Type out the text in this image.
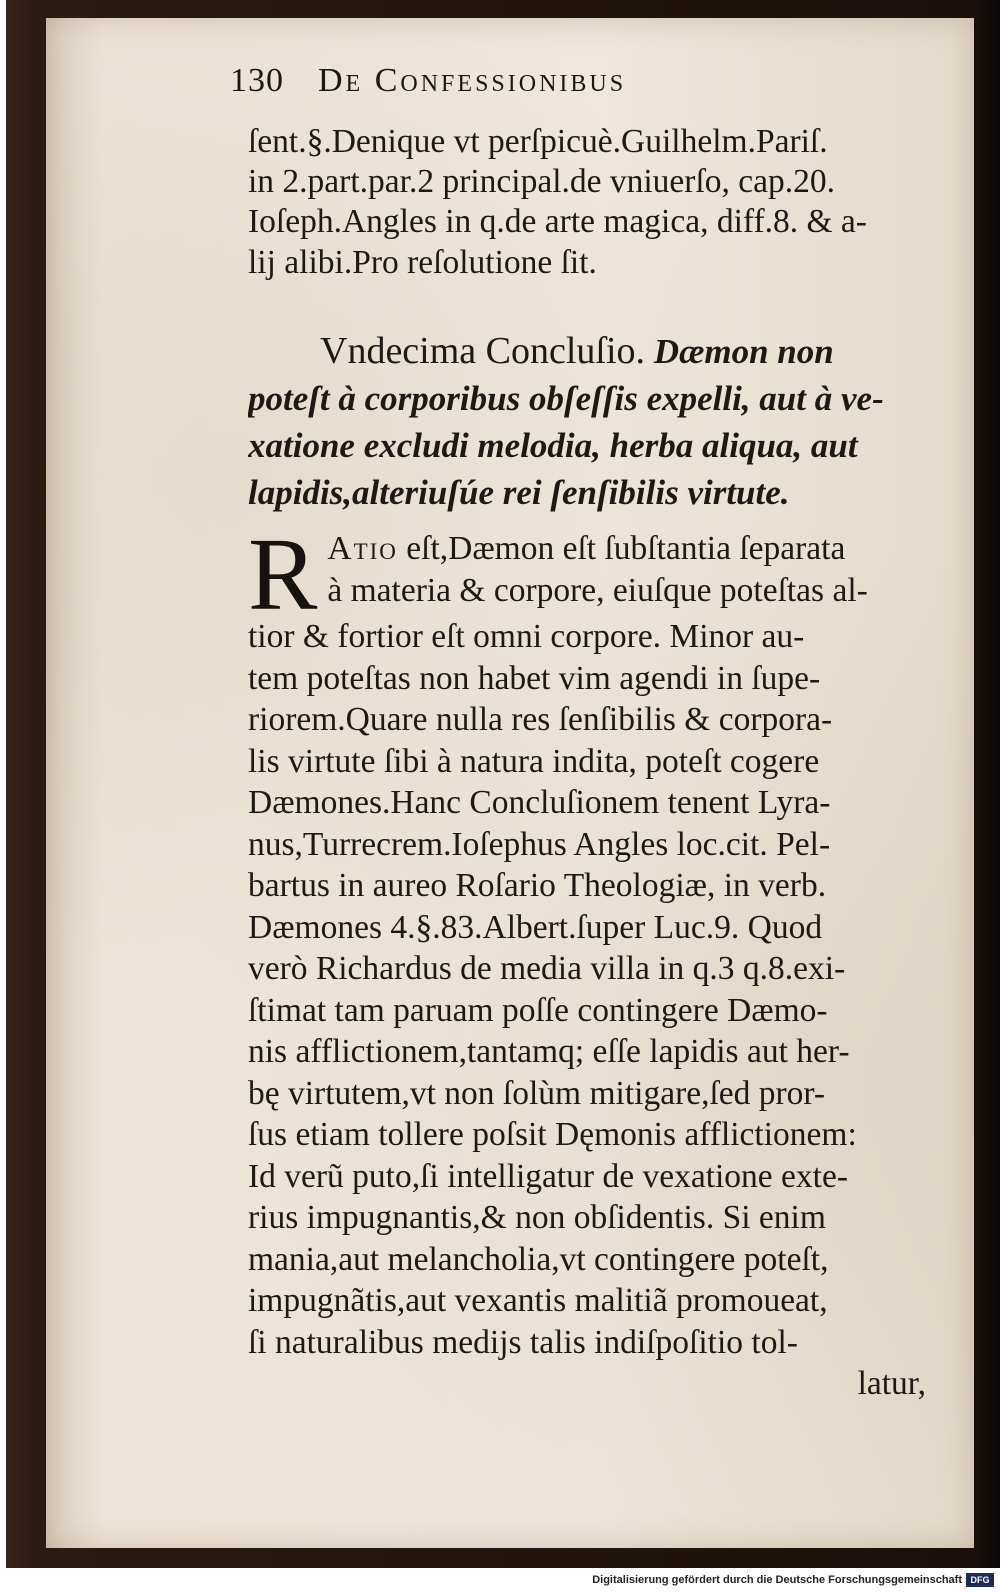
130 De Confessionibus
ſent.§.Denique vt perſpicuè.Guilhelm.Pariſ.
in 2.part.par.2 principal.de vniuerſo, cap.20.
Ioſeph.Angles in q.de arte magica, diff.8. & a-
lij alibi.Pro reſolutione ſit.
Vndecima Concluſio. Dæmon non
poteſt à corporibus obſeſſis expelli, aut à ve-
xatione excludi melodia, herba aliqua, aut
lapidis,alteriuſúe rei ſenſibilis virtute.
R Atio eſt,Dæmon eſt ſubſtantia ſeparata
à materia & corpore, eiuſque poteſtas al-
tior & fortior eſt omni corpore. Minor au-
tem poteſtas non habet vim agendi in ſupe-
riorem.Quare nulla res ſenſibilis & corpora-
lis virtute ſibi à natura indita, poteſt cogere
Dæmones.Hanc Concluſionem tenent Lyra-
nus,Turrecrem.Ioſephus Angles loc.cit. Pel-
bartus in aureo Roſario Theologiæ, in verb.
Dæmones 4.§.83.Albert.ſuper Luc.9. Quod
verò Richardus de media villa in q.3 q.8.exi-
ſtimat tam paruam poſſe contingere Dæmo-
nis afflictionem,tantamq; eſſe lapidis aut her-
bę virtutem,vt non ſolùm mitigare,ſed pror-
ſus etiam tollere poſsit Dęmonis afflictionem:
Id verũ puto,ſi intelligatur de vexatione exte-
rius impugnantis,& non obſidentis. Si enim
mania,aut melancholia,vt contingere poteſt,
impugnãtis,aut vexantis malitiã promoueat,
ſi naturalibus medijs talis indiſpoſitio tol-
latur,
Digitalisierung gefördert durch die Deutsche Forschungsgemeinschaft DFG
